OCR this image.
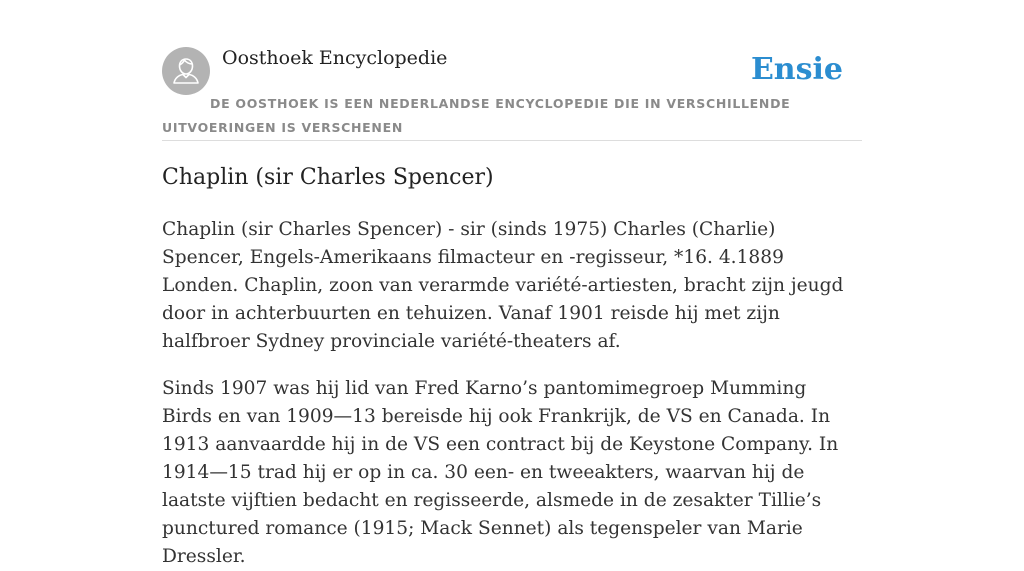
Oosthoek Encyclopedie	Ensie
DE OOSTHOEK IS EEN NEDERLANDSE ENCYCLOPEDIE DIE IN VERSCHILLENDE UITVOERINGEN IS VERSCHENEN
Chaplin (sir Charles Spencer)

Chaplin (sir Charles Spencer) - sir (sinds 1975) Charles (Charlie) Spencer, Engels-Amerikaans filmacteur en -regisseur, *16. 4.1889 Londen. Chaplin, zoon van verarmde variété-artiesten, bracht zijn jeugd door in achterbuurten en tehuizen. Vanaf 1901 reisde hij met zijn halfbroer Sydney provinciale variété-theaters af.

Sinds 1907 was hij lid van Fred Karno’s pantomimegroep Mumming Birds en van 1909—13 bereisde hij ook Frankrijk, de VS en Canada. In 1913 aanvaardde hij in de VS een contract bij de Keystone Company. In 1914—15 trad hij er op in ca. 30 een- en tweeakters, waarvan hij de laatste vijftien bedacht en regisseerde, alsmede in de zesakter Tillie’s punctured romance (1915; Mack Sennet) als tegenspeler van Marie Dressler.
